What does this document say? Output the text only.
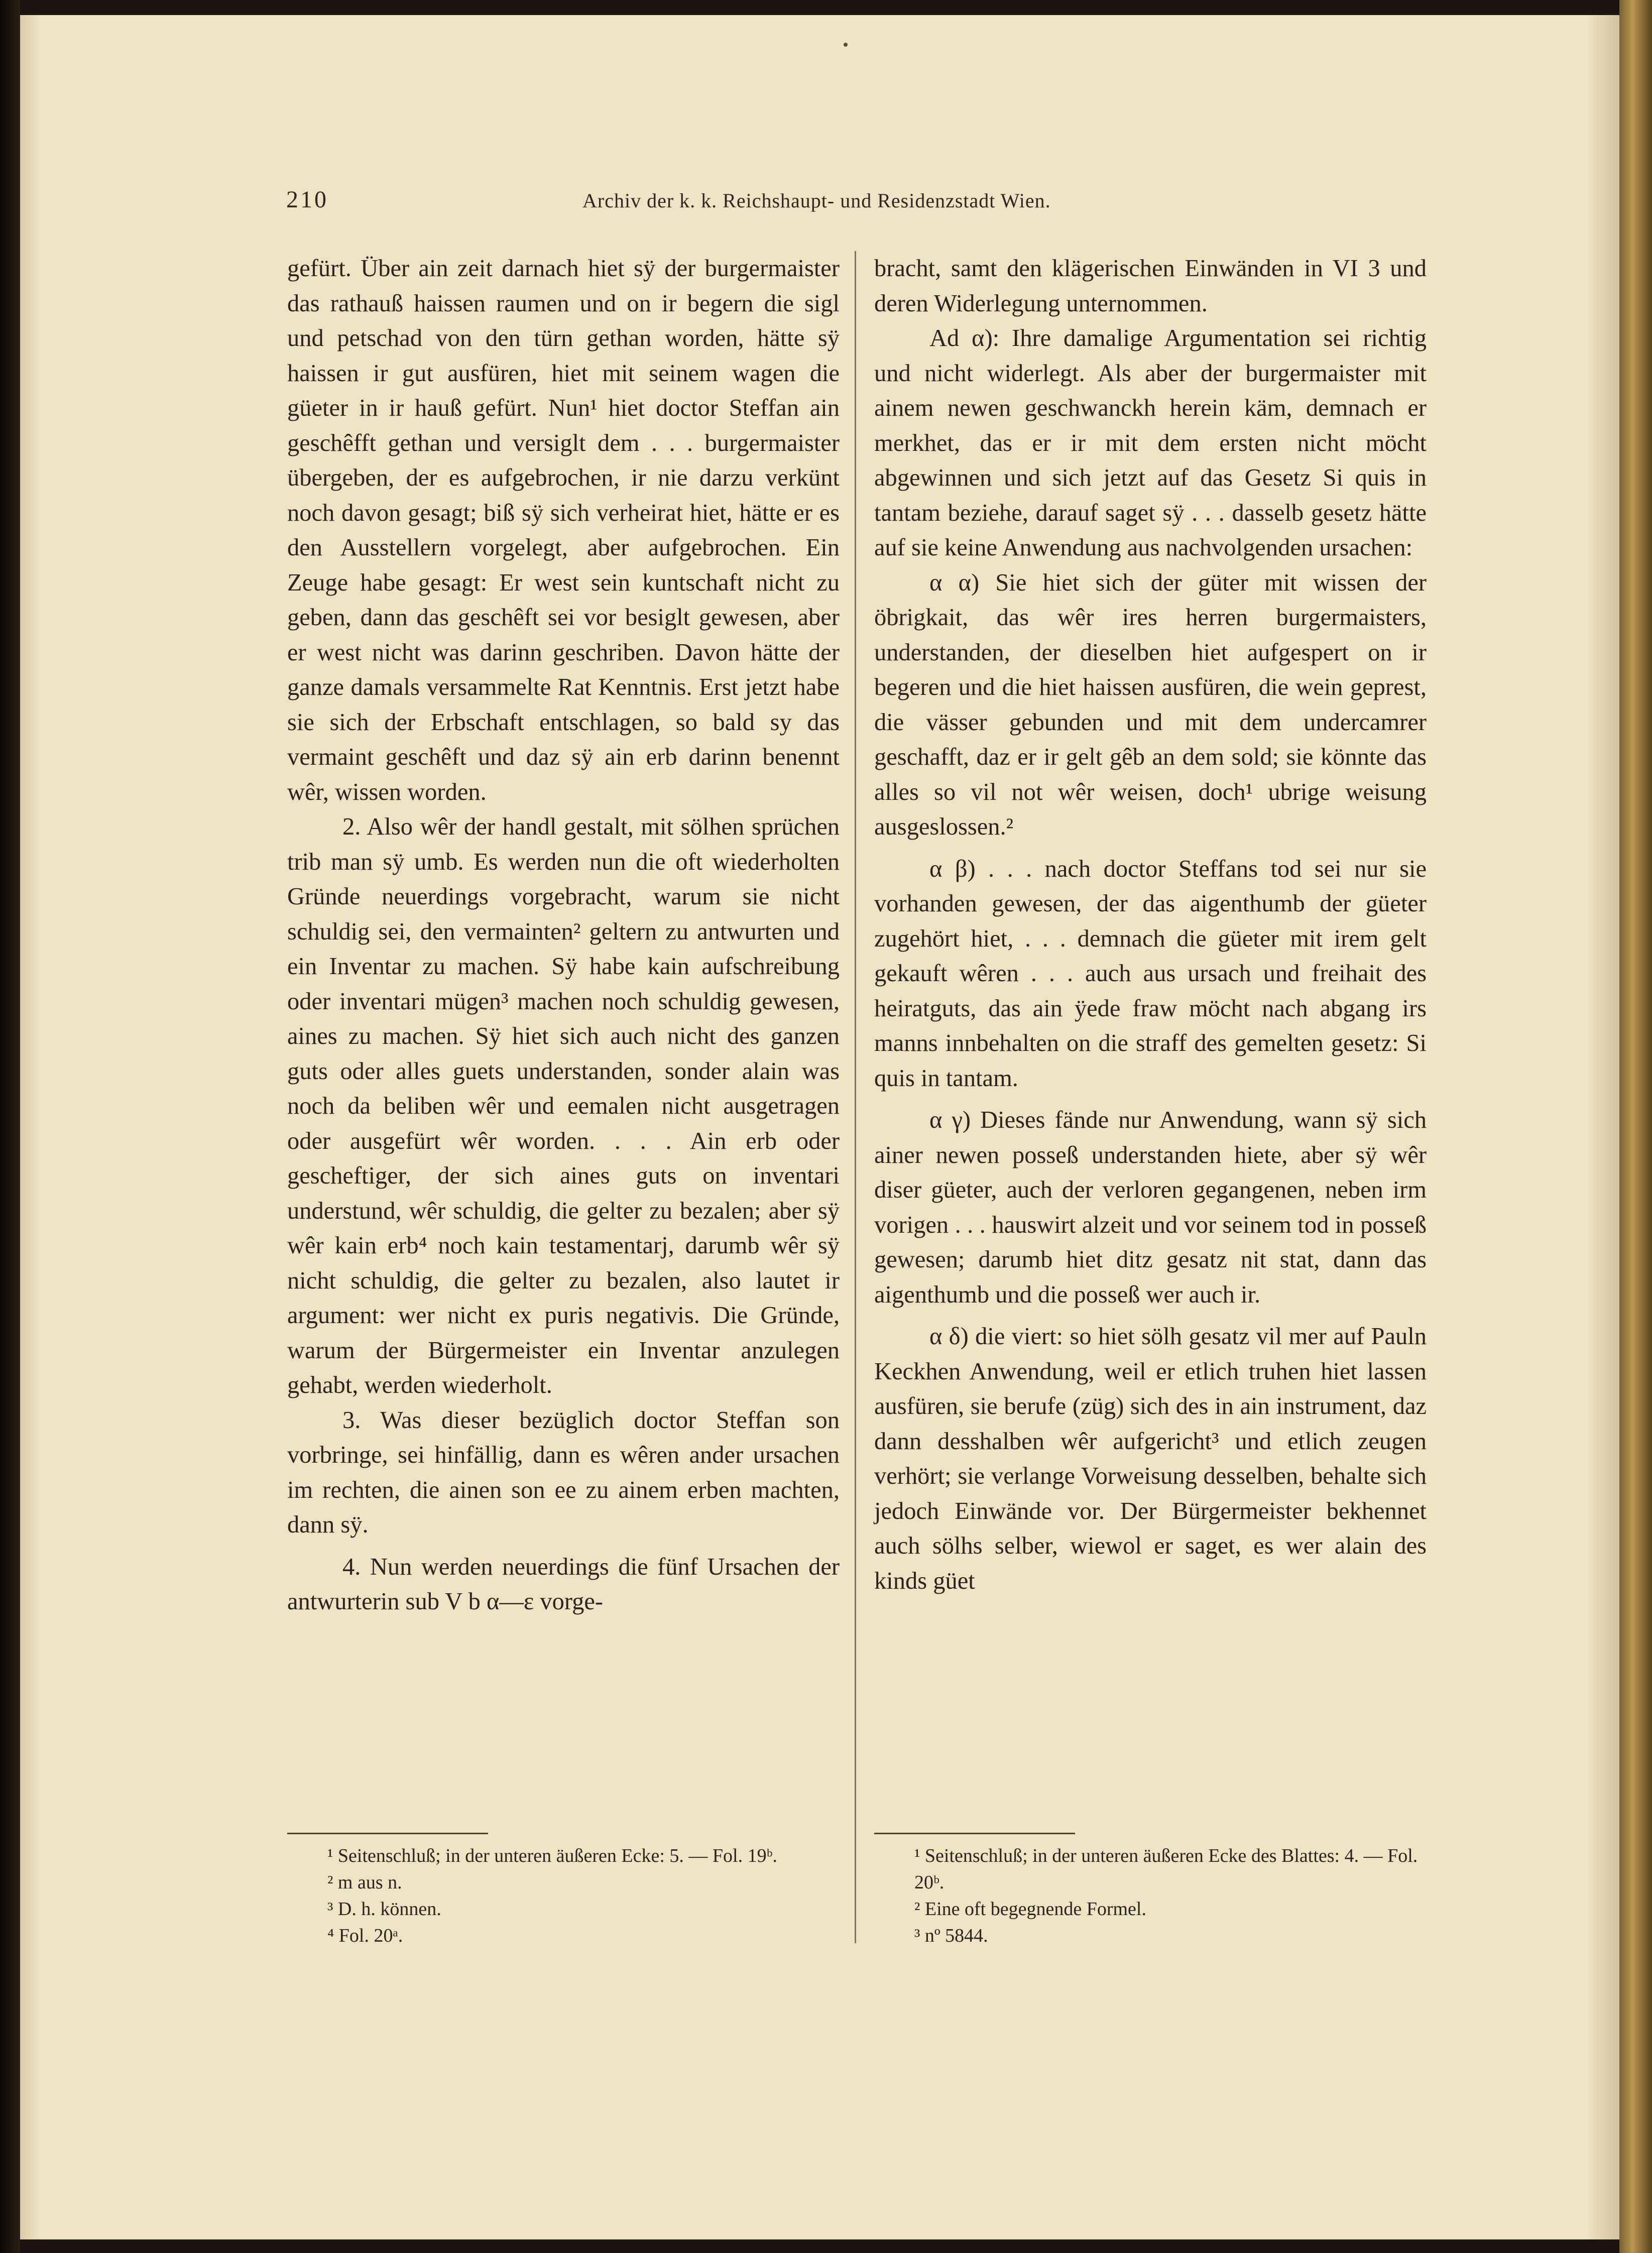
210	Archiv der k. k. Reichshaupt- und Residenzstadt Wien.

gefürt. Über ain zeit darnach hiet sӱ der burgermaister das rathauß haissen raumen und on ir begern die sigl und petschad von den türn gethan worden, hätte sӱ haissen ir gut ausfüren, hiet mit seinem wagen die güeter in ir hauß gefürt. Nun¹ hiet doctor Steffan ain geschêfft gethan und versiglt dem . . . burgermaister übergeben, der es aufgebrochen, ir nie darzu verkünt noch davon gesagt; biß sӱ sich verheirat hiet, hätte er es den Ausstellern vorgelegt, aber aufgebrochen. Ein Zeuge habe gesagt: Er west sein kuntschaft nicht zu geben, dann das geschêft sei vor besiglt gewesen, aber er west nicht was darinn geschriben. Davon hätte der ganze damals versammelte Rat Kenntnis. Erst jetzt habe sie sich der Erbschaft entschlagen, so bald sy das vermaint geschêft und daz sӱ ain erb darinn benennt wêr, wissen worden.

2. Also wêr der handl gestalt, mit sölhen sprüchen trib man sӱ umb. Es werden nun die oft wiederholten Gründe neuerdings vorgebracht, warum sie nicht schuldig sei, den vermainten² geltern zu antwurten und ein Inventar zu machen. Sӱ habe kain aufschreibung oder inventari mügen³ machen noch schuldig gewesen, aines zu machen. Sӱ hiet sich auch nicht des ganzen guts oder alles guets understanden, sonder alain was noch da beliben wêr und eemalen nicht ausgetragen oder ausgefürt wêr worden. . . . Ain erb oder gescheftiger, der sich aines guts on inventari understund, wêr schuldig, die gelter zu bezalen; aber sӱ wêr kain erb⁴ noch kain testamentarj, darumb wêr sӱ nicht schuldig, die gelter zu bezalen, also lautet ir argument: wer nicht ex puris negativis. Die Gründe, warum der Bürgermeister ein Inventar anzulegen gehabt, werden wiederholt.

3. Was dieser bezüglich doctor Steffan son vorbringe, sei hinfällig, dann es wêren ander ursachen im rechten, die ainen son ee zu ainem erben machten, dann sӱ.

4. Nun werden neuerdings die fünf Ursachen der antwurterin sub V b α—ε vorge-

bracht, samt den klägerischen Einwänden in VI 3 und deren Widerlegung unternommen.

Ad α): Ihre damalige Argumentation sei richtig und nicht widerlegt. Als aber der burgermaister mit ainem newen geschwanckh herein käm, demnach er merkhet, das er ir mit dem ersten nicht möcht abgewinnen und sich jetzt auf das Gesetz Si quis in tantam beziehe, darauf saget sӱ . . . dasselb gesetz hätte auf sie keine Anwendung aus nachvolgenden ursachen:

α α) Sie hiet sich der güter mit wissen der öbrigkait, das wêr ires herren burgermaisters, understanden, der dieselben hiet aufgespert on ir begeren und die hiet haissen ausfüren, die wein geprest, die vässer gebunden und mit dem undercamrer geschafft, daz er ir gelt gêb an dem sold; sie könnte das alles so vil not wêr weisen, doch¹ ubrige weisung ausgeslossen.²

α β) . . . nach doctor Steffans tod sei nur sie vorhanden gewesen, der das aigenthumb der güeter zugehört hiet, . . . demnach die güeter mit irem gelt gekauft wêren . . . auch aus ursach und freihait des heiratguts, das ain ӱede fraw möcht nach abgang irs manns innbehalten on die straff des gemelten gesetz: Si quis in tantam.

α γ) Dieses fände nur Anwendung, wann sӱ sich ainer newen posseß understanden hiete, aber sӱ wêr diser güeter, auch der verloren gegangenen, neben irm vorigen . . . hauswirt alzeit und vor seinem tod in posseß gewesen; darumb hiet ditz gesatz nit stat, dann das aigenthumb und die posseß wer auch ir.

α δ) die viert: so hiet sölh gesatz vil mer auf Pauln Keckhen Anwendung, weil er etlich truhen hiet lassen ausfüren, sie berufe (züg) sich des in ain instrument, daz dann desshalben wêr aufgericht³ und etlich zeugen verhört; sie verlange Vorweisung desselben, behalte sich jedoch Einwände vor. Der Bürgermeister bekhennet auch sölhs selber, wiewol er saget, es wer alain des kinds güet

¹ Seitenschluß; in der unteren äußeren Ecke: 5. — Fol. 19ᵇ.

² m aus n.

³ D. h. können.

⁴ Fol. 20ᵃ.

¹ Seitenschluß; in der unteren äußeren Ecke des Blattes: 4. — Fol. 20ᵇ.

² Eine oft begegnende Formel.

³ nº 5844.
